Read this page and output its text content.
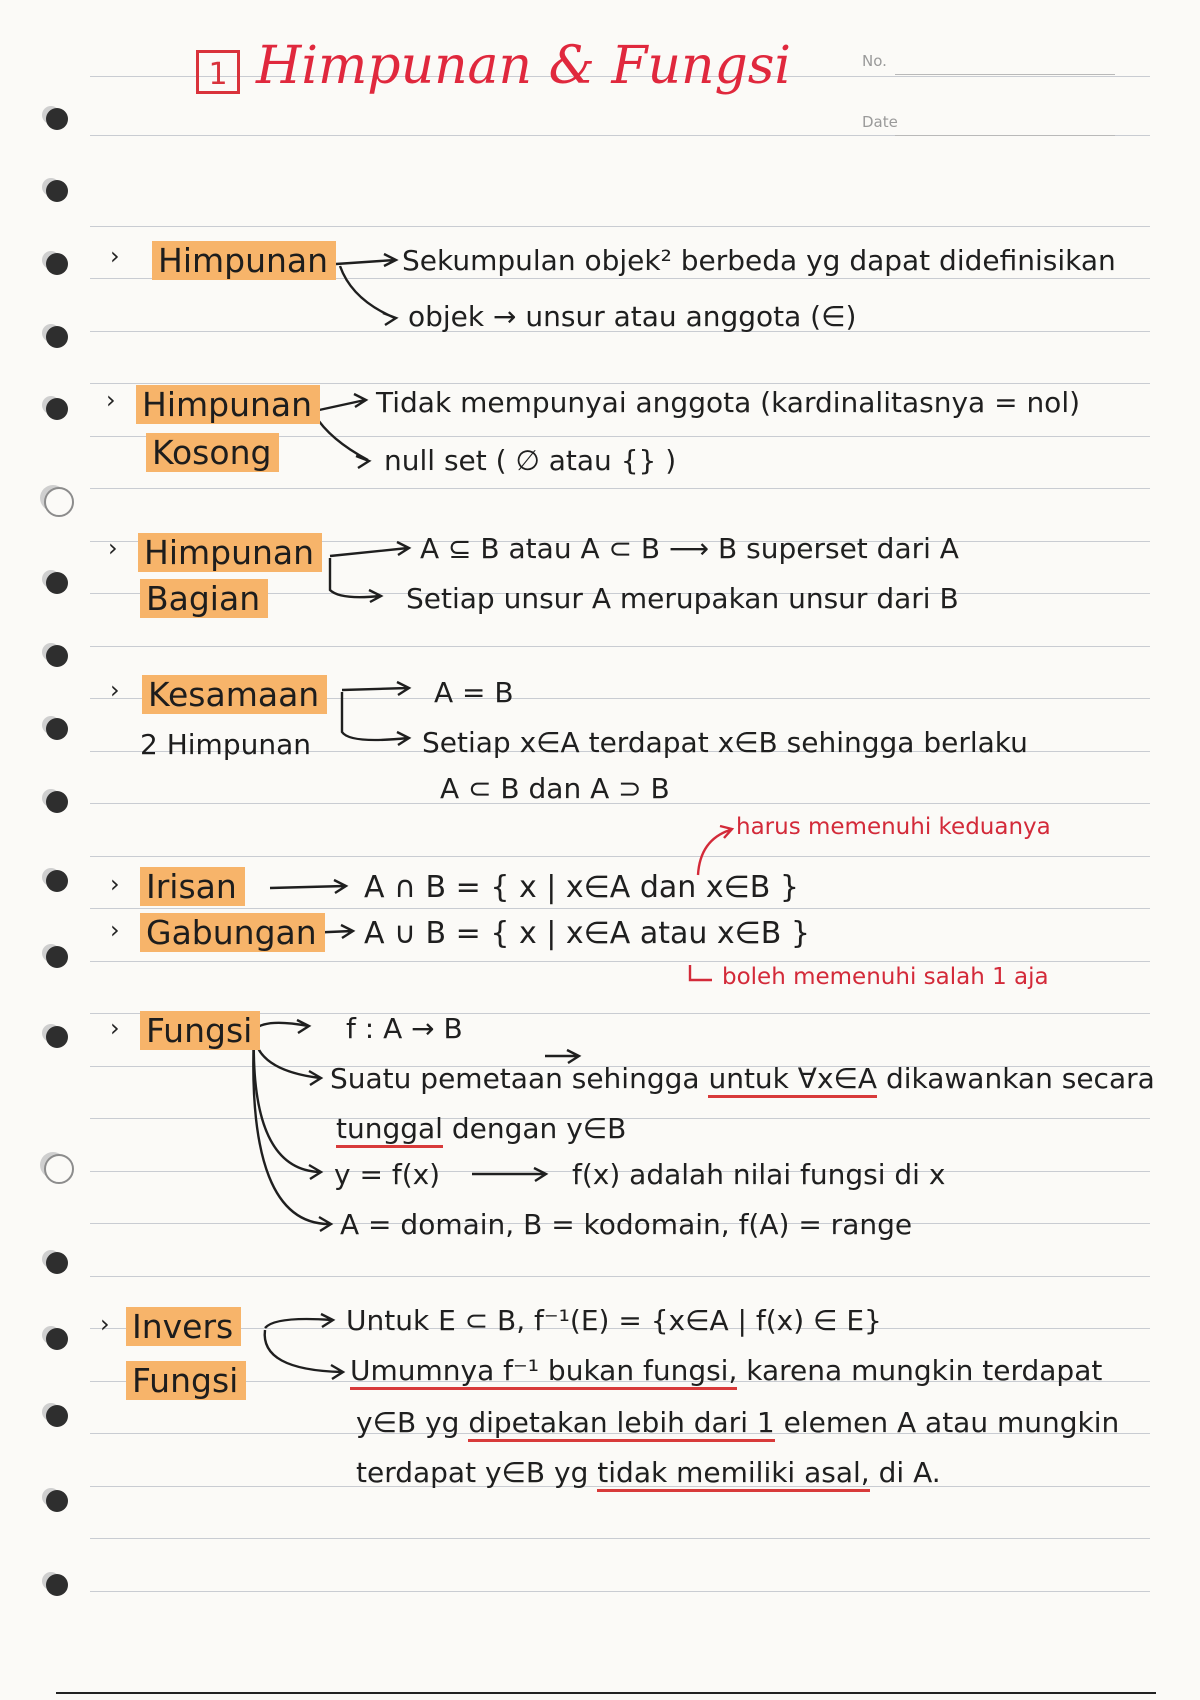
1 Himpunan & Fungsi	No.
Date
› Himpunan	Sekumpulan objek² berbeda yg dapat didefinisikan
objek → unsur atau anggota (∈)
› Himpunan
Kosong
Tidak mempunyai anggota (kardinalitasnya = nol)
null set ( ∅ atau {} )
› Himpunan
Bagian
A ⊆ B atau A ⊂ B ⟶ B superset dari A
Setiap unsur A merupakan unsur dari B
› Kesamaan
2 Himpunan
A = B
Setiap x∈A terdapat x∈B sehingga berlaku
A ⊂ B dan A ⊃ B
harus memenuhi keduanya
› Irisan	A ∩ B = { x | x∈A dan x∈B }
› Gabungan A ∪ B = { x | x∈A atau x∈B }
boleh memenuhi salah 1 aja
› Fungsi	f : A → B
Suatu pemetaan sehingga untuk ∀x∈A dikawankan secara
tunggal dengan y∈B
y = f(x)	f(x) adalah nilai fungsi di x
A = domain, B = kodomain, f(A) = range
› Invers
Fungsi
Untuk E ⊂ B, f⁻¹(E) = {x∈A | f(x) ∈ E}
Umumnya f⁻¹ bukan fungsi, karena mungkin terdapat
y∈B yg dipetakan lebih dari 1 elemen A atau mungkin
terdapat y∈B yg tidak memiliki asal, di A.
